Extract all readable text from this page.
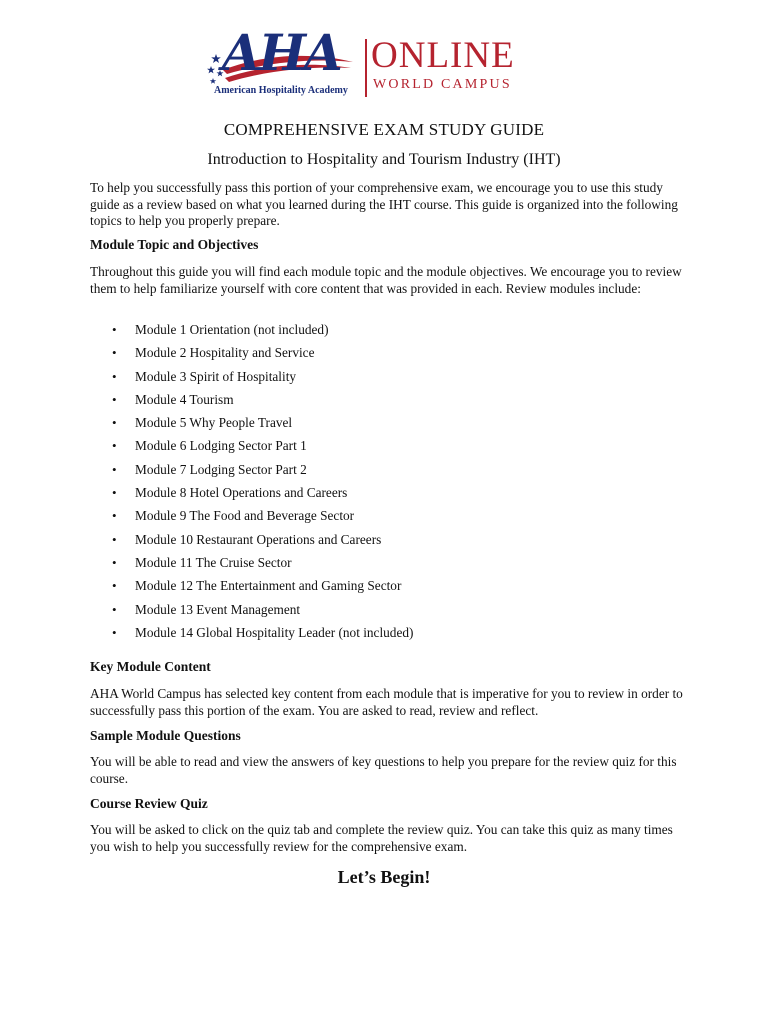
AHA
American Hospitality Academy
ONLINE
WORLD CAMPUS
COMPREHENSIVE EXAM STUDY GUIDE
Introduction to Hospitality and Tourism Industry (IHT)

To help you successfully pass this portion of your comprehensive exam, we encourage you to use this study guide as a review based on what you learned during the IHT course. This guide is organized into the following topics to help you properly prepare.

Module Topic and Objectives

Throughout this guide you will find each module topic and the module objectives. We encourage you to review them to help familiarize yourself with core content that was provided in each. Review modules include:

• Module 1 Orientation (not included)
• Module 2 Hospitality and Service
• Module 3 Spirit of Hospitality
• Module 4 Tourism
• Module 5 Why People Travel
• Module 6 Lodging Sector Part 1
• Module 7 Lodging Sector Part 2
• Module 8 Hotel Operations and Careers
• Module 9 The Food and Beverage Sector
• Module 10 Restaurant Operations and Careers
• Module 11 The Cruise Sector
• Module 12 The Entertainment and Gaming Sector
• Module 13 Event Management
• Module 14 Global Hospitality Leader (not included)
Key Module Content

AHA World Campus has selected key content from each module that is imperative for you to review in order to successfully pass this portion of the exam. You are asked to read, review and reflect.

Sample Module Questions

You will be able to read and view the answers of key questions to help you prepare for the review quiz for this course.

Course Review Quiz

You will be asked to click on the quiz tab and complete the review quiz. You can take this quiz as many times you wish to help you successfully review for the comprehensive exam.

Let’s Begin!
